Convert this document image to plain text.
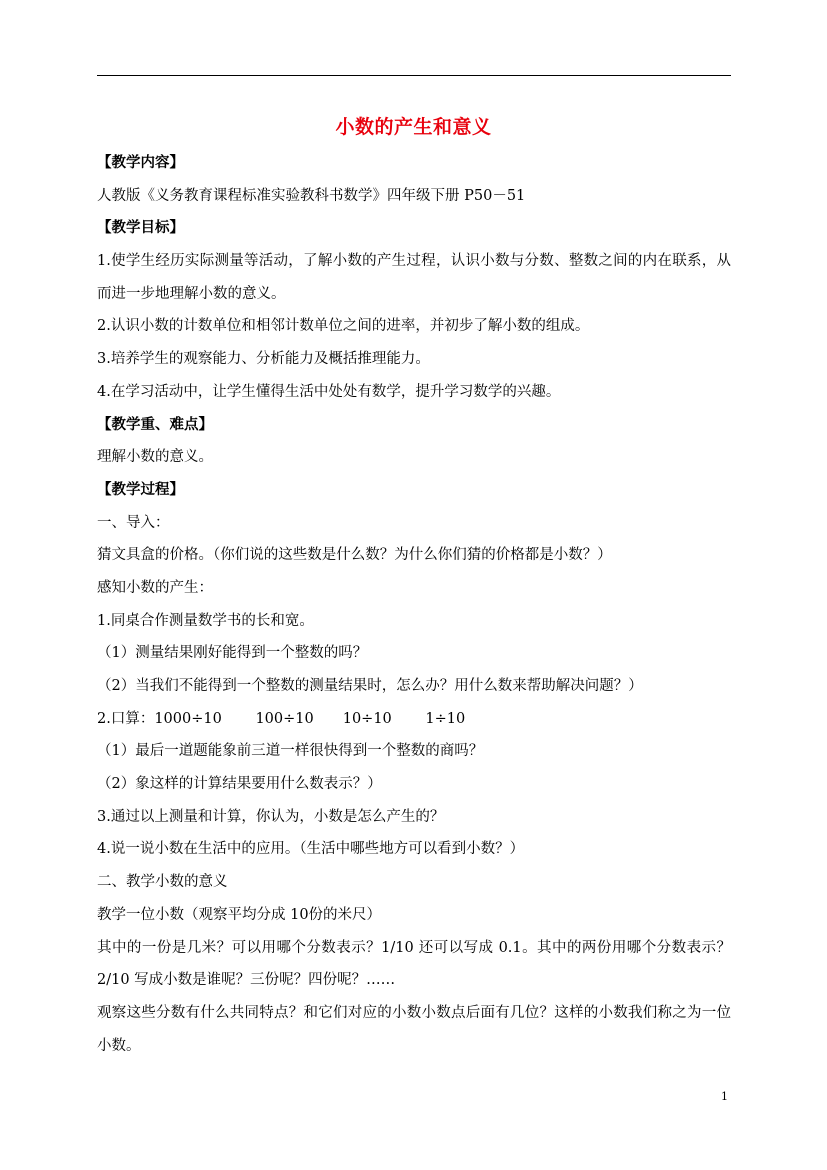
小数的产生和意义
【教学内容】
人教版《义务教育课程标准实验教科书数学》四年级下册 P50－51
【教学目标】
1.使学生经历实际测量等活动，了解小数的产生过程，认识小数与分数、整数之间的内在联系，从而进一步地理解小数的意义。
2.认识小数的计数单位和相邻计数单位之间的进率，并初步了解小数的组成。
3.培养学生的观察能力、分析能力及概括推理能力。
4.在学习活动中，让学生懂得生活中处处有数学，提升学习数学的兴趣。
【教学重、难点】
理解小数的意义。
【教学过程】
一、导入：
猜文具盒的价格。（你们说的这些数是什么数？为什么你们猜的价格都是小数？）
感知小数的产生：
1.同桌合作测量数学书的长和宽。
（1）测量结果刚好能得到一个整数的吗？
（2）当我们不能得到一个整数的测量结果时，怎么办？用什么数来帮助解决问题？）
2.口算：1000÷10　　 100÷10　　10÷10　　 1÷10
（1）最后一道题能象前三道一样很快得到一个整数的商吗？
（2）象这样的计算结果要用什么数表示？）
3.通过以上测量和计算，你认为，小数是怎么产生的？
4.说一说小数在生活中的应用。（生活中哪些地方可以看到小数？）
二、教学小数的意义
教学一位小数（观察平均分成 10份的米尺）
其中的一份是几米？可以用哪个分数表示？1/10 还可以写成 0.1。其中的两份用哪个分数表示？2/10 写成小数是谁呢？三份呢？四份呢？……
观察这些分数有什么共同特点？和它们对应的小数小数点后面有几位？这样的小数我们称之为一位小数。
1
